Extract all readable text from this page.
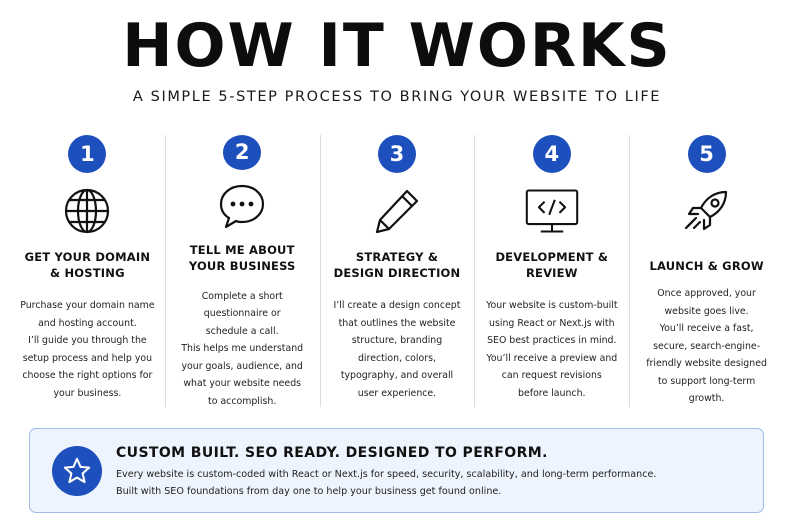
HOW IT WORKS
A SIMPLE 5-STEP PROCESS TO BRING YOUR WEBSITE TO LIFE
1
GET YOUR DOMAIN
& HOSTING
Purchase your domain name
and hosting account.
I’ll guide you through the
setup process and help you
choose the right options for
your business.
2
TELL ME ABOUT
YOUR BUSINESS
Complete a short
questionnaire or
schedule a call.
This helps me understand
your goals, audience, and
what your website needs
to accomplish.
3
STRATEGY &
DESIGN DIRECTION
I’ll create a design concept
that outlines the website
structure, branding
direction, colors,
typography, and overall
user experience.
4
DEVELOPMENT &
REVIEW
Your website is custom-built
using React or Next.js with
SEO best practices in mind.
You’ll receive a preview and
can request revisions
before launch.
5
LAUNCH & GROW
Once approved, your
website goes live.
You’ll receive a fast,
secure, search-engine-
friendly website designed
to support long-term
growth.
CUSTOM BUILT. SEO READY. DESIGNED TO PERFORM.
Every website is custom-coded with React or Next.js for speed, security, scalability, and long-term performance.
Built with SEO foundations from day one to help your business get found online.
